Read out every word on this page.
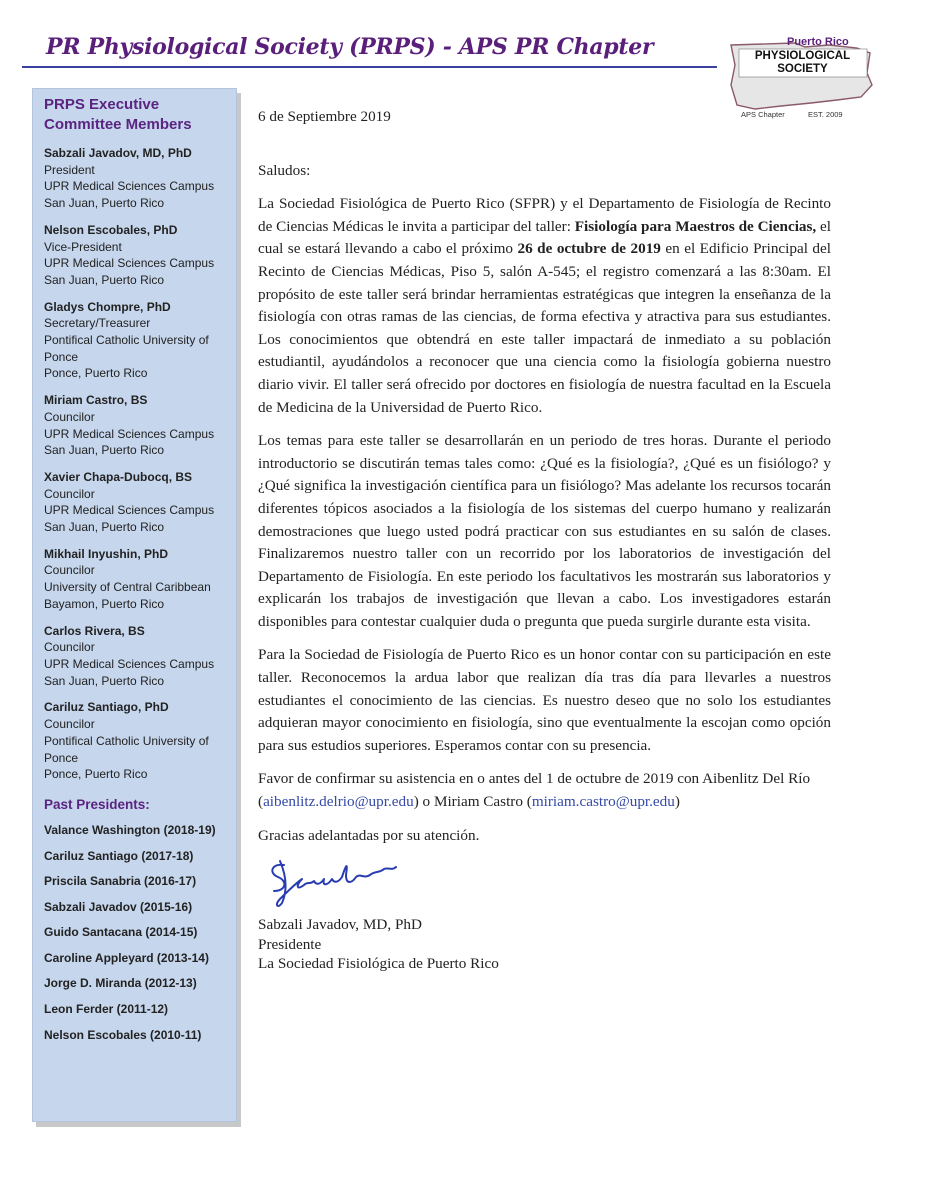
PR Physiological Society (PRPS) - APS PR Chapter	Puerto Rico
PHYSIOLOGICAL
SOCIETY
APS Chapter	EST. 2009
PRPS Executive Committee Members
Sabzali Javadov, MD, PhD
President
UPR Medical Sciences Campus
San Juan, Puerto Rico
Nelson Escobales, PhD
Vice-President
UPR Medical Sciences Campus
San Juan, Puerto Rico
Gladys Chompre, PhD
Secretary/Treasurer
Pontifical Catholic University of Ponce
Ponce, Puerto Rico
Miriam Castro, BS
Councilor
UPR Medical Sciences Campus
San Juan, Puerto Rico
Xavier Chapa-Dubocq, BS
Councilor
UPR Medical Sciences Campus
San Juan, Puerto Rico
Mikhail Inyushin, PhD
Councilor
University of Central Caribbean
Bayamon, Puerto Rico
Carlos Rivera, BS
Councilor
UPR Medical Sciences Campus
San Juan, Puerto Rico
Cariluz Santiago, PhD
Councilor
Pontifical Catholic University of Ponce
Ponce, Puerto Rico
Past Presidents:
Valance Washington (2018-19)
Cariluz Santiago (2017-18)
Priscila Sanabria (2016-17)
Sabzali Javadov (2015-16)
Guido Santacana (2014-15)
Caroline Appleyard (2013-14)
Jorge D. Miranda (2012-13)
Leon Ferder (2011-12)
Nelson Escobales (2010-11)

6 de Septiembre 2019

Saludos:

La Sociedad Fisiológica de Puerto Rico (SFPR) y el Departamento de Fisiología de Recinto de Ciencias Médicas le invita a participar del taller: Fisiología para Maestros de Ciencias, el cual se estará llevando a cabo el próximo 26 de octubre de 2019 en el Edificio Principal del Recinto de Ciencias Médicas, Piso 5, salón A-545; el registro comenzará a las 8:30am. El propósito de este taller será brindar herramientas estratégicas que integren la enseñanza de la fisiología con otras ramas de las ciencias, de forma efectiva y atractiva para sus estudiantes. Los conocimientos que obtendrá en este taller impactará de inmediato a su población estudiantil, ayudándolos a reconocer que una ciencia como la fisiología gobierna nuestro diario vivir. El taller será ofrecido por doctores en fisiología de nuestra facultad en la Escuela de Medicina de la Universidad de Puerto Rico.

Los temas para este taller se desarrollarán en un periodo de tres horas. Durante el periodo introductorio se discutirán temas tales como: ¿Qué es la fisiología?, ¿Qué es un fisiólogo? y ¿Qué significa la investigación científica para un fisiólogo? Mas adelante los recursos tocarán diferentes tópicos asociados a la fisiología de los sistemas del cuerpo humano y realizarán demostraciones que luego usted podrá practicar con sus estudiantes en su salón de clases. Finalizaremos nuestro taller con un recorrido por los laboratorios de investigación del Departamento de Fisiología. En este periodo los facultativos les mostrarán sus laboratorios y explicarán los trabajos de investigación que llevan a cabo. Los investigadores estarán disponibles para contestar cualquier duda o pregunta que pueda surgirle durante esta visita.

Para la Sociedad de Fisiología de Puerto Rico es un honor contar con su participación en este taller. Reconocemos la ardua labor que realizan día tras día para llevarles a nuestros estudiantes el conocimiento de las ciencias. Es nuestro deseo que no solo los estudiantes adquieran mayor conocimiento en fisiología, sino que eventualmente la escojan como opción para sus estudios superiores. Esperamos contar con su presencia.

Favor de confirmar su asistencia en o antes del 1 de octubre de 2019 con Aibenlitz Del Río (aibenlitz.delrio@upr.edu) o Miriam Castro (miriam.castro@upr.edu)

Gracias adelantadas por su atención.

Sabzali Javadov, MD, PhD
Presidente
La Sociedad Fisiológica de Puerto Rico
